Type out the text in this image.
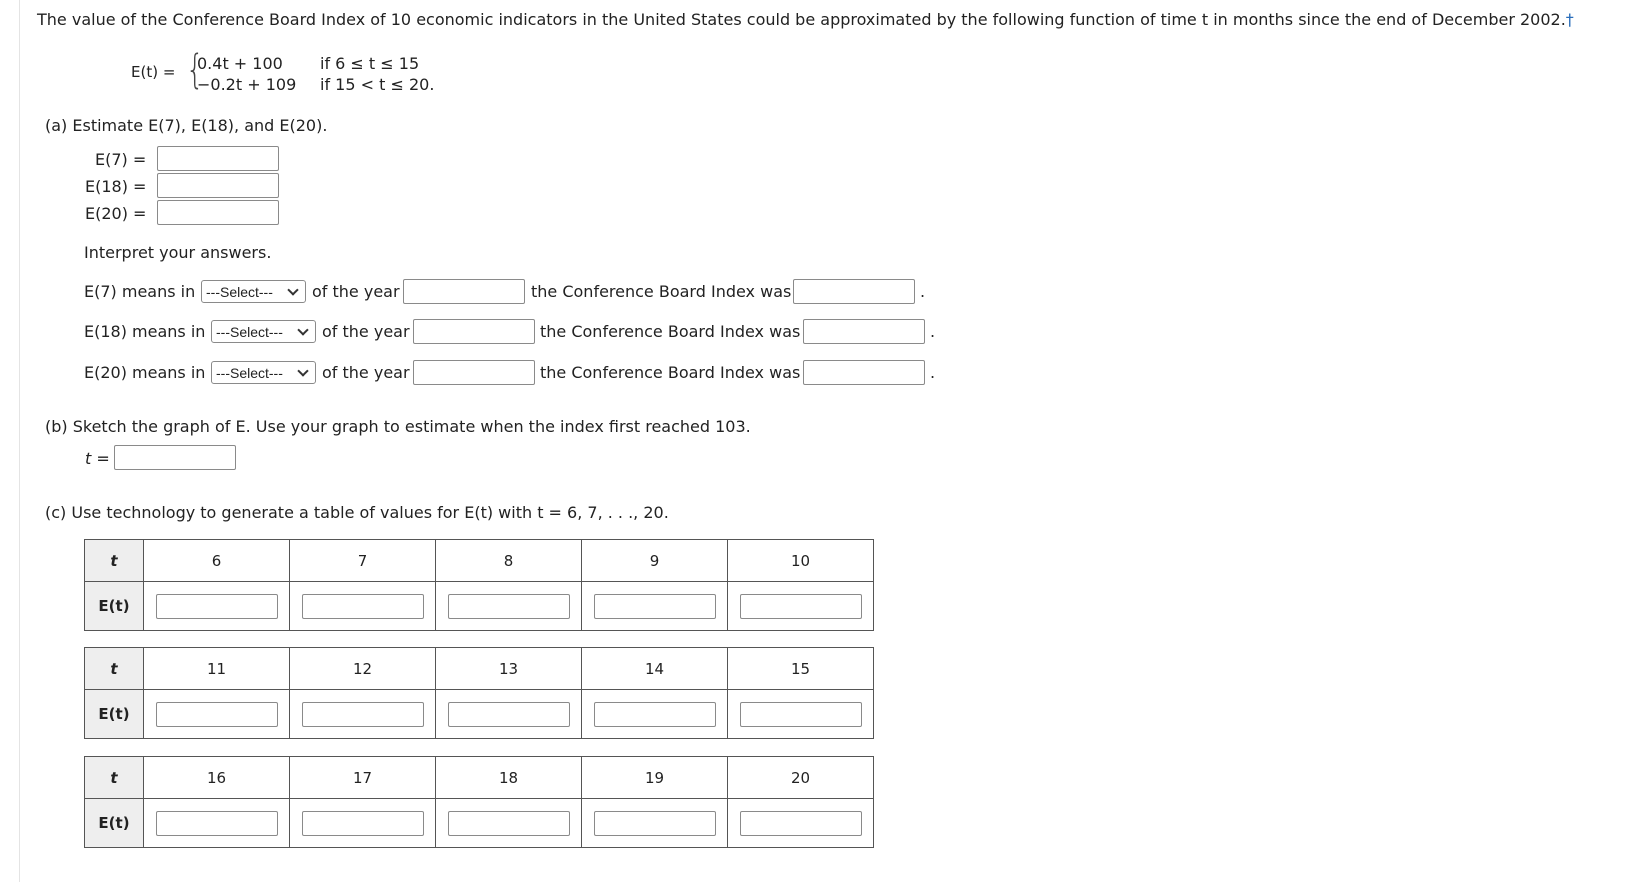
The value of the Conference Board Index of 10 economic indicators in the United States could be approximated by the following function of time t in months since the end of December 2002.†
E(t) = {
0.4t + 100 if 6 ≤ t ≤ 15
−0.2t + 109 if 15 < t ≤ 20.
(a) Estimate E(7), E(18), and E(20).
E(7) =
E(18) =
E(20) =
Interpret your answers.
E(7) means in ---Select--- of the year	the Conference Board Index was	.
E(18) means in ---Select--- of the year	the Conference Board Index was	.
E(20) means in ---Select--- of the year	the Conference Board Index was	.
(b) Sketch the graph of E. Use your graph to estimate when the index first reached 103.
t =
(c) Use technology to generate a table of values for E(t) with t = 6, 7, . . ., 20.
t	6	7	8	9	10
E(t)					
t	11	12	13	14	15
E(t)					
t	16	17	18	19	20
E(t)					
